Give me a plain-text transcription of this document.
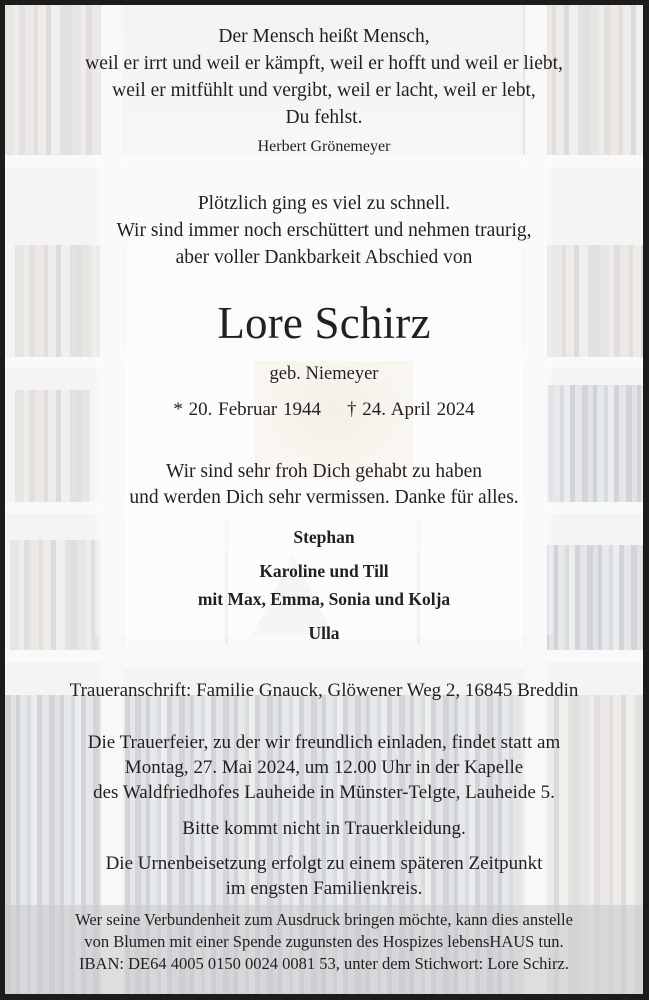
Der Mensch heißt Mensch,
weil er irrt und weil er kämpft, weil er hofft und weil er liebt,
weil er mitfühlt und vergibt, weil er lacht, weil er lebt,
Du fehlst.
Herbert Grönemeyer
Plötzlich ging es viel zu schnell.
Wir sind immer noch erschüttert und nehmen traurig,
aber voller Dankbarkeit Abschied von
Lore Schirz
geb. Niemeyer
* 20. Februar 1944 † 24. April 2024
Wir sind sehr froh Dich gehabt zu haben
und werden Dich sehr vermissen. Danke für alles.
Stephan
Karoline und Till
mit Max, Emma, Sonia und Kolja
Ulla
Traueranschrift: Familie Gnauck, Glöwener Weg 2, 16845 Breddin
Die Trauerfeier, zu der wir freundlich einladen, findet statt am
Montag, 27. Mai 2024, um 12.00 Uhr in der Kapelle
des Waldfriedhofes Lauheide in Münster-Telgte, Lauheide 5.
Bitte kommt nicht in Trauerkleidung.
Die Urnenbeisetzung erfolgt zu einem späteren Zeitpunkt
im engsten Familienkreis.
Wer seine Verbundenheit zum Ausdruck bringen möchte, kann dies anstelle
von Blumen mit einer Spende zugunsten des Hospizes lebensHAUS tun.
IBAN: DE64 4005 0150 0024 0081 53, unter dem Stichwort: Lore Schirz.
